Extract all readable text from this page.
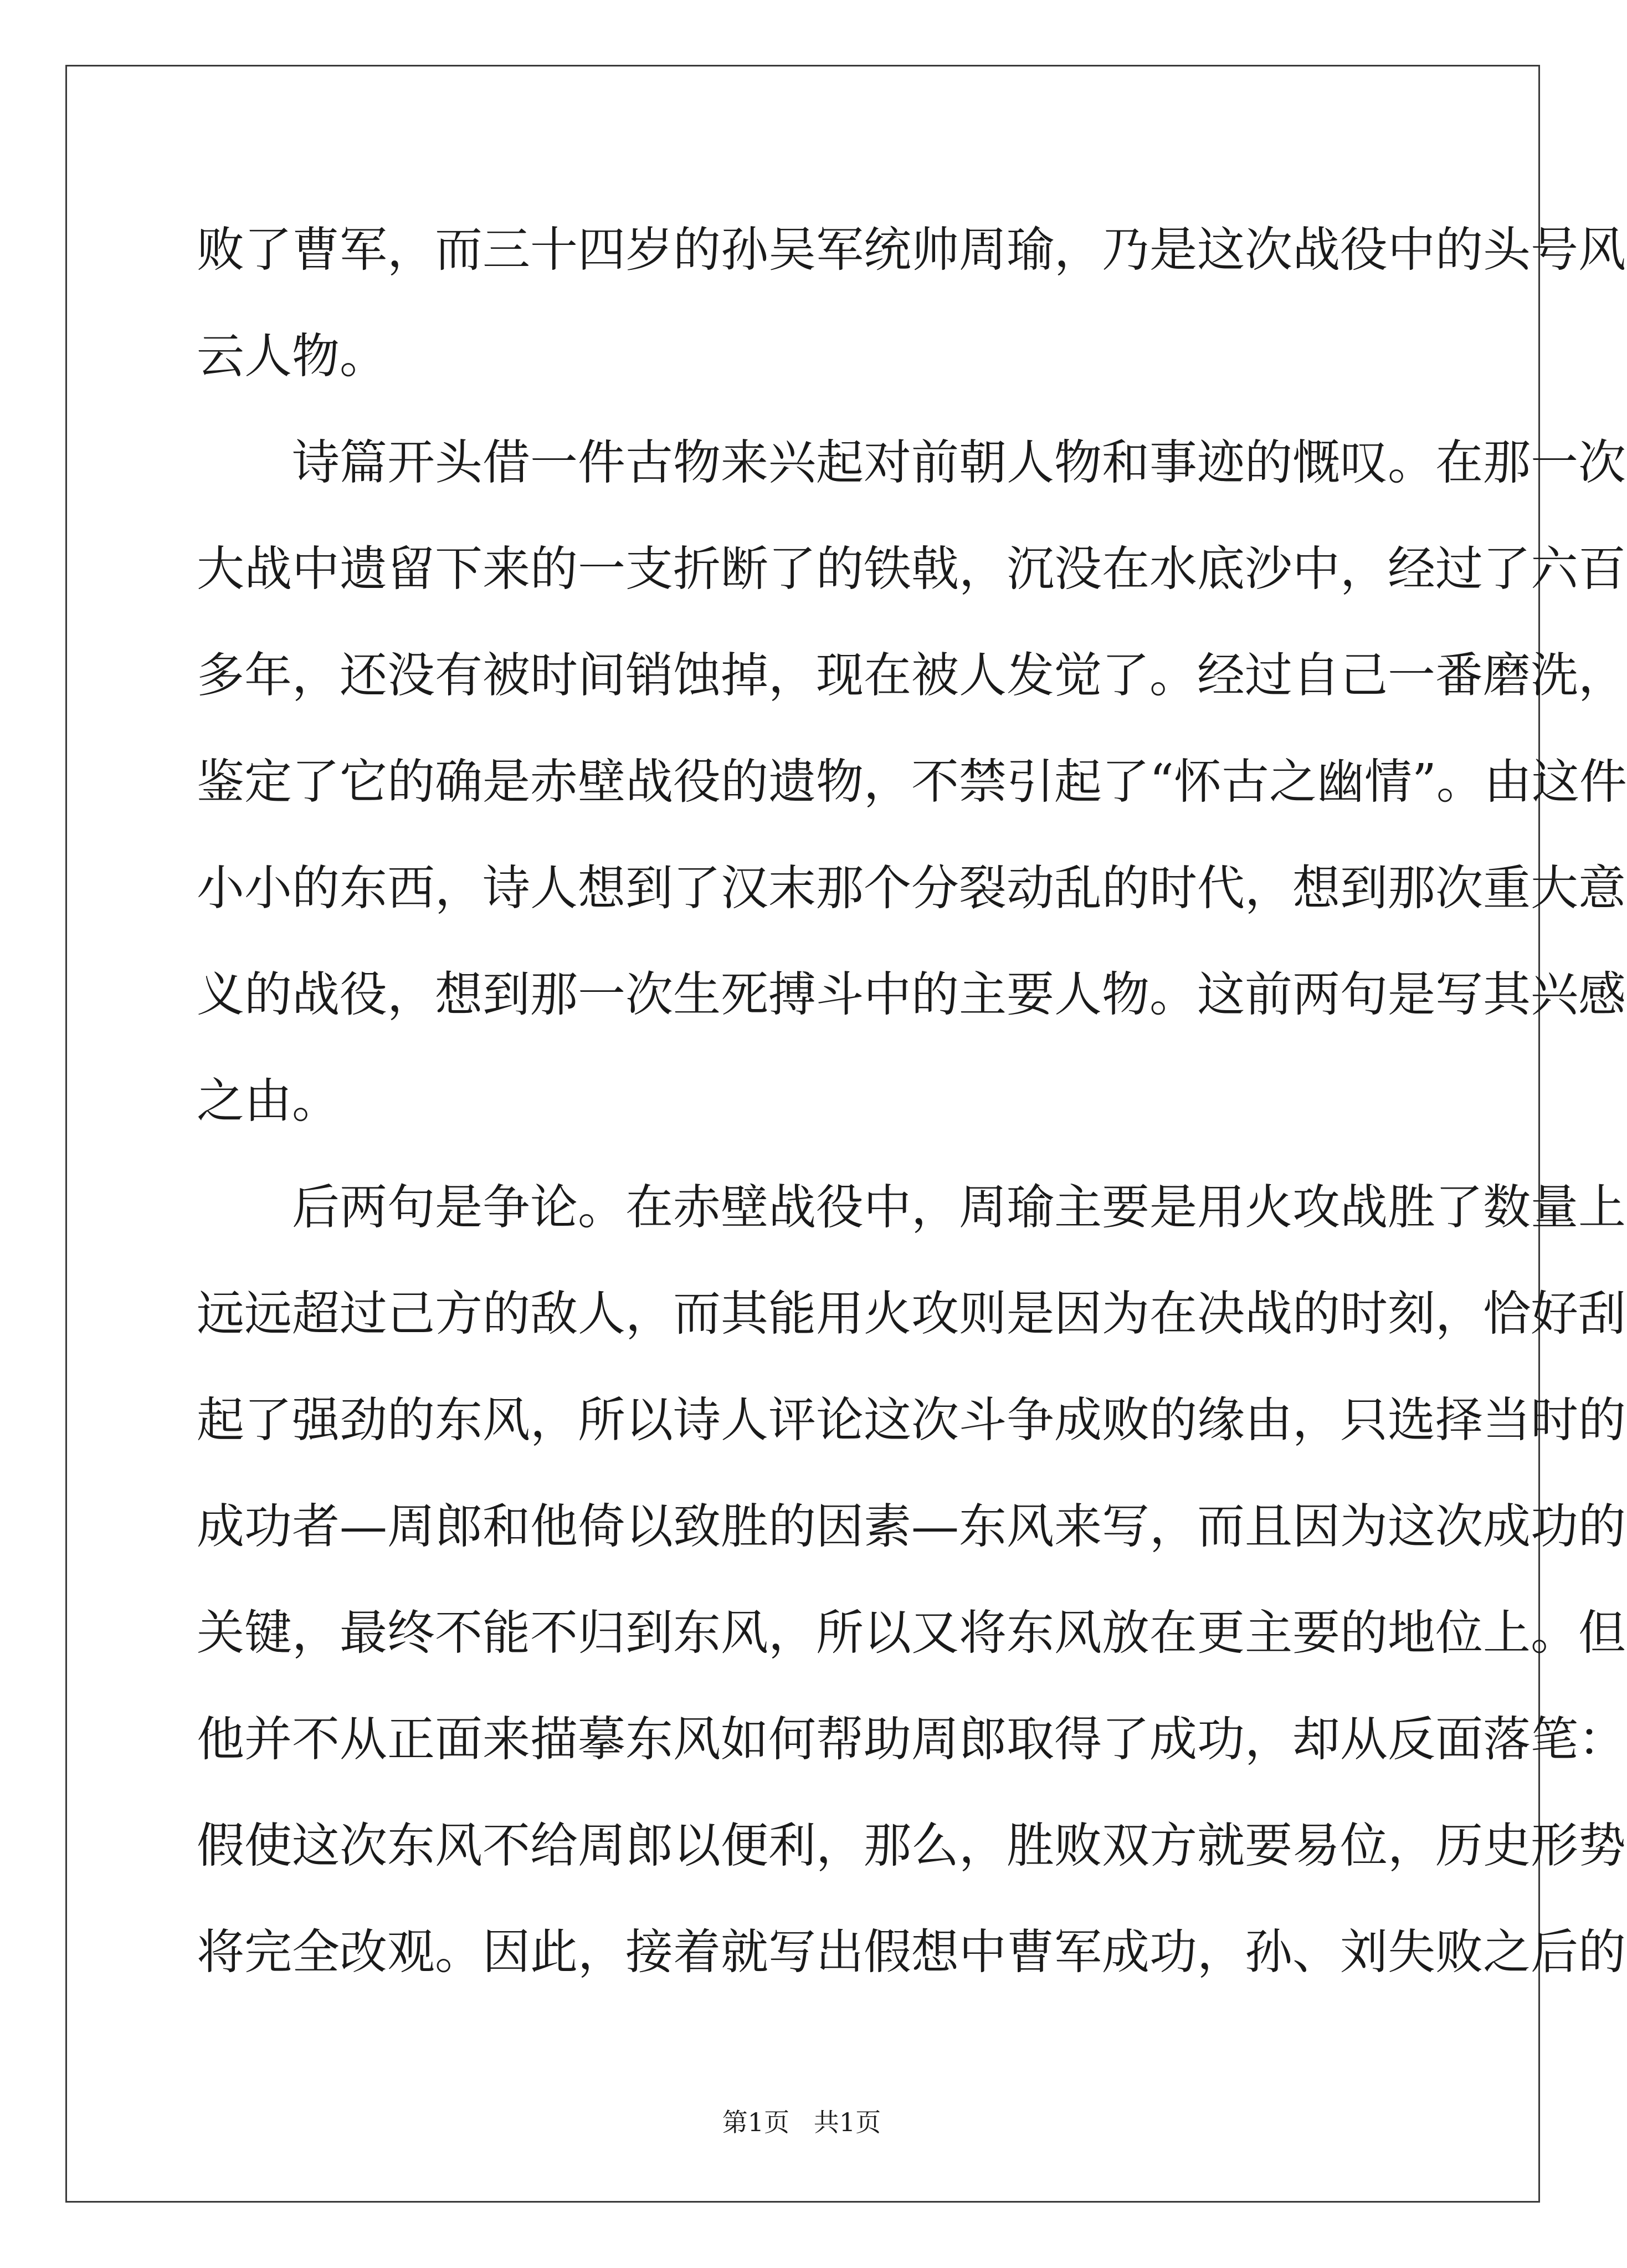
败了曹军，而三十四岁的孙吴军统帅周瑜，乃是这次战役中的头号风
云人物。
诗篇开头借一件古物来兴起对前朝人物和事迹的慨叹。在那一次
大战中遗留下来的一支折断了的铁戟，沉没在水底沙中，经过了六百
多年，还没有被时间销蚀掉，现在被人发觉了。经过自己一番磨洗，
鉴定了它的确是赤壁战役的遗物，不禁引起了“怀古之幽情”。由这件
小小的东西，诗人想到了汉末那个分裂动乱的时代，想到那次重大意
义的战役，想到那一次生死搏斗中的主要人物。这前两句是写其兴感
之由。
后两句是争论。在赤壁战役中，周瑜主要是用火攻战胜了数量上
远远超过己方的敌人，而其能用火攻则是因为在决战的时刻，恰好刮
起了强劲的东风，所以诗人评论这次斗争成败的缘由，只选择当时的
成功者—周郎和他倚以致胜的因素—东风来写，而且因为这次成功的
关键，最终不能不归到东风，所以又将东风放在更主要的地位上。但
他并不从正面来描摹东风如何帮助周郎取得了成功，却从反面落笔：
假使这次东风不给周郎以便利，那么，胜败双方就要易位，历史形势
将完全改观。因此，接着就写出假想中曹军成功，孙、刘失败之后的
第1页   共1页
